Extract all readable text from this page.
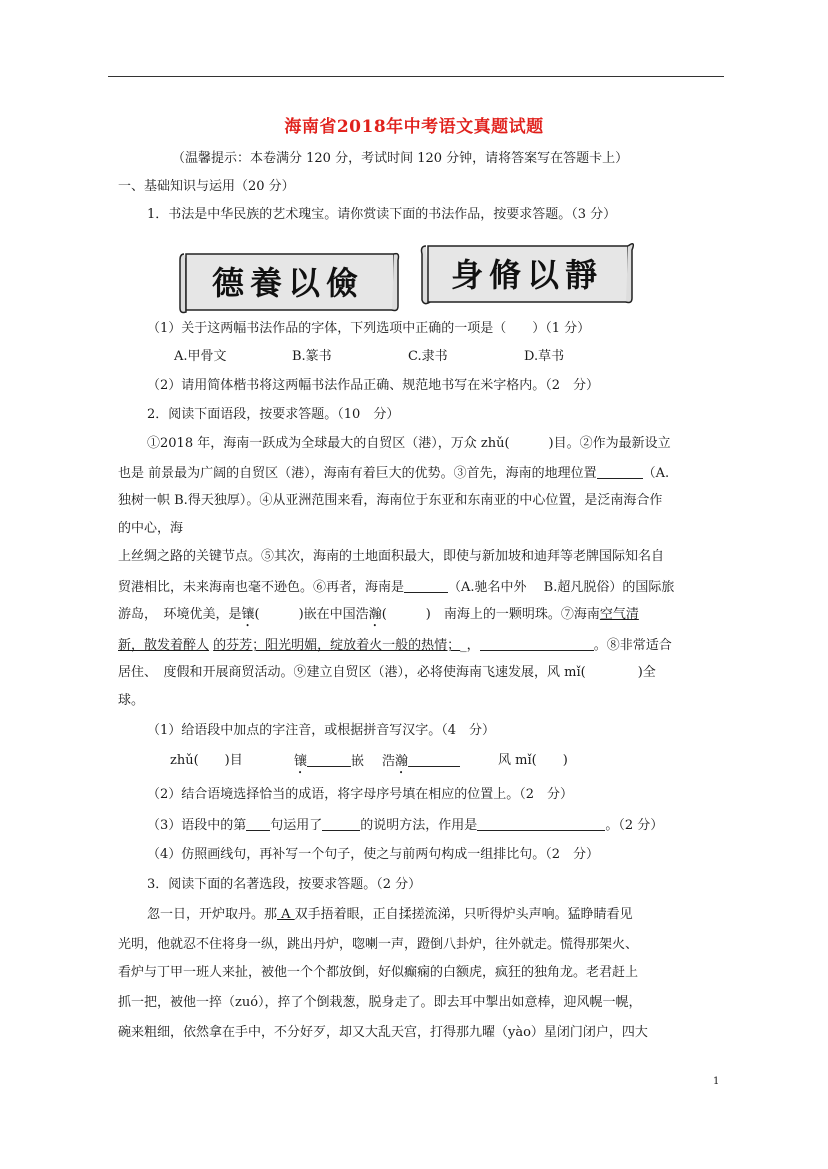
海南省2018年中考语文真题试题
（温馨提示：本卷满分 120 分，考试时间 120 分钟，请将答案写在答题卡上）
一、基础知识与运用（20 分）
1．书法是中华民族的艺术瑰宝。请你赏读下面的书法作品，按要求答题。（3 分）
德養以儉	身脩以靜
（1）关于这两幅书法作品的字体，下列选项中正确的一项是（　　）（1 分）
A.甲骨文	B.篆书	C.隶书	D.草书
（2）请用简体楷书将这两幅书法作品正确、规范地书写在米字格内。（2　分）
2．阅读下面语段，按要求答题。（10　分）
①2018 年，海南一跃成为全球最大的自贸区（港），万众 zhǔ(　　　)目。②作为最新设立
也是 前景最为广阔的自贸区（港），海南有着巨大的优势。③首先，海南的地理位置	（A.
独树一帜 B.得天独厚）。④从亚洲范围来看，海南位于东亚和东南亚的中心位置，是泛南海合作
的中心，海
上丝绸之路的关键节点。⑤其次，海南的土地面积最大，即使与新加坡和迪拜等老牌国际知名自
贸港相比，未来海南也毫不逊色。⑥再者，海南是	（A.驰名中外　 B.超凡脱俗）的国际旅
游岛，　环境优美，是镶(　　　)嵌在中国浩瀚(　　　)　南海上的一颗明珠。⑦海南空气清
新，散发着醉人 的芬芳；阳光明媚，绽放着火一般的热情；_，	。⑧非常适合
居住、　度假和开展商贸活动。⑨建立自贸区（港），必将使海南飞速发展，风 mǐ(　　　　)全
球。
（1）给语段中加点的字注音，或根据拼音写汉字。（4　分）
zhǔ(　　)目	镶	嵌 浩瀚	风 mǐ(　　)
（2）结合语境选择恰当的成语，将字母序号填在相应的位置上。（2　分）
（3）语段中的第 句运用了	的说明方法，作用是	。（2 分）
（4）仿照画线句，再补写一个句子，使之与前两句构成一组排比句。（2　分）
3．阅读下面的名著选段，按要求答题。（2 分）
忽一日，开炉取丹。那 A 双手捂着眼，正自揉搓流涕，只听得炉头声响。猛睁睛看见
光明，他就忍不住将身一纵，跳出丹炉，唿喇一声，蹬倒八卦炉，往外就走。慌得那架火、
看炉与丁甲一班人来扯，被他一个个都放倒，好似癫痫的白额虎，疯狂的独角龙。老君赶上
抓一把，被他一捽（zuó），捽了个倒栽葱，脱身走了。即去耳中掣出如意棒，迎风幌一幌，
碗来粗细，依然拿在手中，不分好歹，却又大乱天宫，打得那九曜（yào）星闭门闭户，四大
1
